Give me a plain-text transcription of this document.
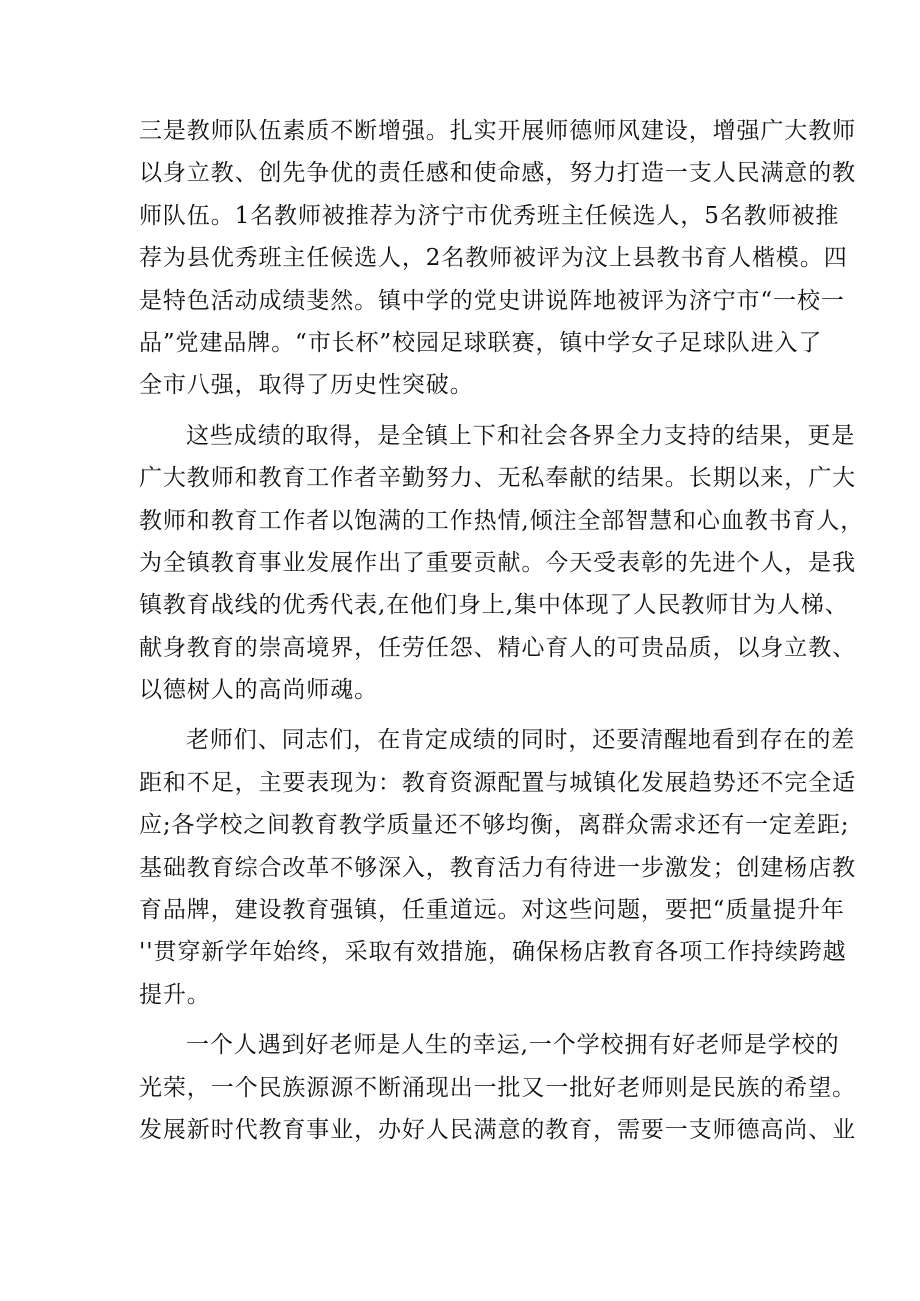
三是教师队伍素质不断增强。扎实开展师德师风建设，增强广大教师
以身立教、创先争优的责任感和使命感，努力打造一支人民满意的教
师队伍。1名教师被推荐为济宁市优秀班主任候选人，5名教师被推
荐为县优秀班主任候选人，2名教师被评为汶上县教书育人楷模。四
是特色活动成绩斐然。镇中学的党史讲说阵地被评为济宁市“一校一
品”党建品牌。“市长杯”校园足球联赛，镇中学女子足球队进入了
全市八强，取得了历史性突破。

这些成绩的取得，是全镇上下和社会各界全力支持的结果，更是
广大教师和教育工作者辛勤努力、无私奉献的结果。长期以来，广大
教师和教育工作者以饱满的工作热情,倾注全部智慧和心血教书育人，
为全镇教育事业发展作出了重要贡献。今天受表彰的先进个人，是我
镇教育战线的优秀代表,在他们身上,集中体现了人民教师甘为人梯、
献身教育的崇高境界，任劳任怨、精心育人的可贵品质，以身立教、
以德树人的高尚师魂。

老师们、同志们，在肯定成绩的同时，还要清醒地看到存在的差
距和不足，主要表现为：教育资源配置与城镇化发展趋势还不完全适
应;各学校之间教育教学质量还不够均衡，离群众需求还有一定差距;
基础教育综合改革不够深入，教育活力有待进一步激发；创建杨店教
育品牌，建设教育强镇，任重道远。对这些问题，要把“质量提升年
''贯穿新学年始终，采取有效措施，确保杨店教育各项工作持续跨越
提升。

一个人遇到好老师是人生的幸运,一个学校拥有好老师是学校的
光荣，一个民族源源不断涌现出一批又一批好老师则是民族的希望。
发展新时代教育事业，办好人民满意的教育，需要一支师德高尚、业
